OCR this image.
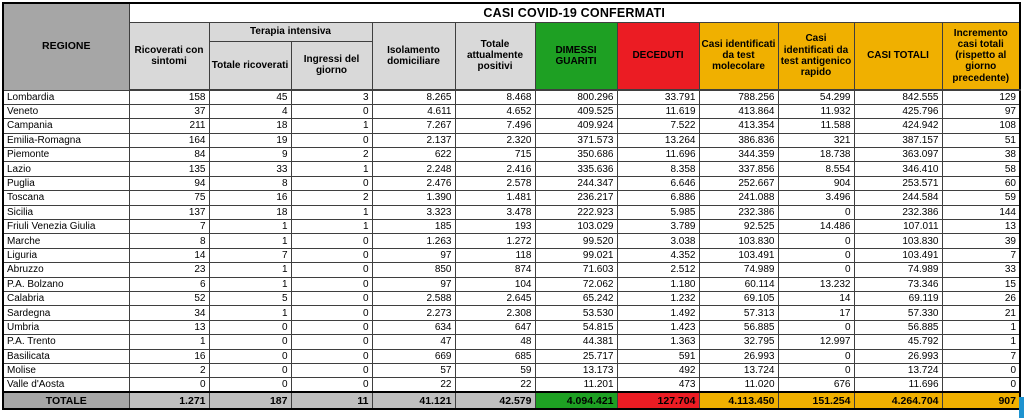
REGIONE	CASI COVID-19 CONFERMATI										
	Ricoverati con sintomi	Terapia intensiva		Isolamento domiciliare	Totale attualmente positivi	DIMESSI GUARITI	DECEDUTI	Casi identificati da test molecolare	Casi identificati da test antigenico rapido	CASI TOTALI	Incremento casi totali (rispetto al giorno precedente)
		Totale ricoverati	Ingressi del giorno								
Lombardia	158	45	3	8.265	8.468	800.296	33.791	788.256	54.299	842.555	129
Veneto	37	4	0	4.611	4.652	409.525	11.619	413.864	11.932	425.796	97
Campania	211	18	1	7.267	7.496	409.924	7.522	413.354	11.588	424.942	108
Emilia-Romagna	164	19	0	2.137	2.320	371.573	13.264	386.836	321	387.157	51
Piemonte	84	9	2	622	715	350.686	11.696	344.359	18.738	363.097	38
Lazio	135	33	1	2.248	2.416	335.636	8.358	337.856	8.554	346.410	58
Puglia	94	8	0	2.476	2.578	244.347	6.646	252.667	904	253.571	60
Toscana	75	16	2	1.390	1.481	236.217	6.886	241.088	3.496	244.584	59
Sicilia	137	18	1	3.323	3.478	222.923	5.985	232.386	0	232.386	144
Friuli Venezia Giulia	7	1	1	185	193	103.029	3.789	92.525	14.486	107.011	13
Marche	8	1	0	1.263	1.272	99.520	3.038	103.830	0	103.830	39
Liguria	14	7	0	97	118	99.021	4.352	103.491	0	103.491	7
Abruzzo	23	1	0	850	874	71.603	2.512	74.989	0	74.989	33
P.A. Bolzano	6	1	0	97	104	72.062	1.180	60.114	13.232	73.346	15
Calabria	52	5	0	2.588	2.645	65.242	1.232	69.105	14	69.119	26
Sardegna	34	1	0	2.273	2.308	53.530	1.492	57.313	17	57.330	21
Umbria	13	0	0	634	647	54.815	1.423	56.885	0	56.885	1
P.A. Trento	1	0	0	47	48	44.381	1.363	32.795	12.997	45.792	1
Basilicata	16	0	0	669	685	25.717	591	26.993	0	26.993	7
Molise	2	0	0	57	59	13.173	492	13.724	0	13.724	0
Valle d'Aosta	0	0	0	22	22	11.201	473	11.020	676	11.696	0
TOTALE	1.271	187	11	41.121	42.579	4.094.421	127.704	4.113.450	151.254	4.264.704	907
